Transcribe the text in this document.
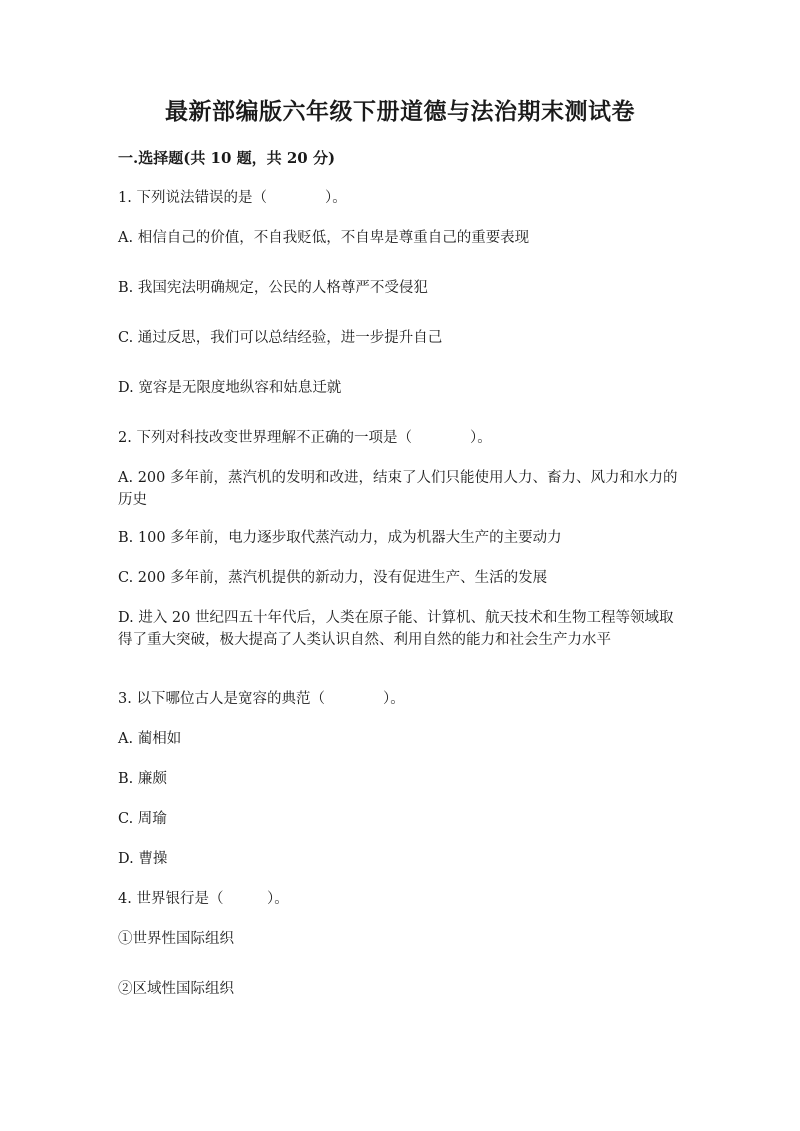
最新部编版六年级下册道德与法治期末测试卷
一.选择题(共 10 题，共 20 分)
1. 下列说法错误的是（　　　　）。
A. 相信自己的价值，不自我贬低，不自卑是尊重自己的重要表现
B. 我国宪法明确规定，公民的人格尊严不受侵犯
C. 通过反思，我们可以总结经验，进一步提升自己
D. 宽容是无限度地纵容和姑息迁就
2. 下列对科技改变世界理解不正确的一项是（　　　　）。
A. 200 多年前，蒸汽机的发明和改进，结束了人们只能使用人力、畜力、风力和水力的历史
B. 100 多年前，电力逐步取代蒸汽动力，成为机器大生产的主要动力
C. 200 多年前，蒸汽机提供的新动力，没有促进生产、生活的发展
D. 进入 20 世纪四五十年代后，人类在原子能、计算机、航天技术和生物工程等领域取得了重大突破，极大提高了人类认识自然、利用自然的能力和社会生产力水平
3. 以下哪位古人是宽容的典范（　　　　）。
A. 蔺相如
B. 廉颇
C. 周瑜
D. 曹操
4. 世界银行是（　　　）。
①世界性国际组织
②区域性国际组织
